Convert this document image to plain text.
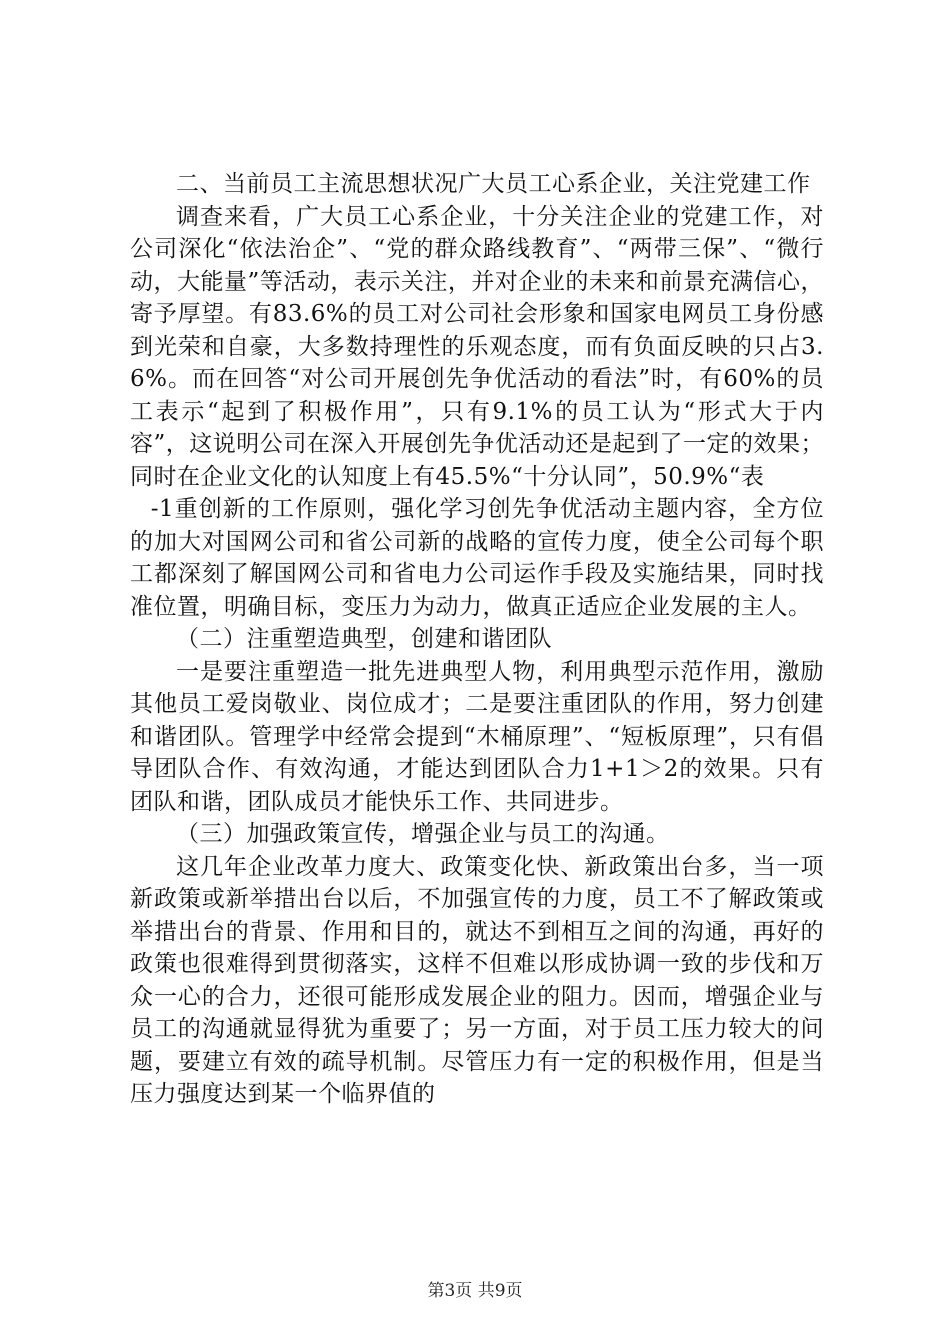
二、当前员工主流思想状况广大员工心系企业，关注党建工作

调查来看，广大员工心系企业，十分关注企业的党建工作，对公司深化“依法治企”、“党的群众路线教育”、“两带三保”、“微行动，大能量”等活动，表示关注，并对企业的未来和前景充满信心，寄予厚望。有83.6%的员工对公司社会形象和国家电网员工身份感到光荣和自豪，大多数持理性的乐观态度，而有负面反映的只占3.6%。而在回答“对公司开展创先争优活动的看法”时，有60%的员工表示“起到了积极作用”，只有9.1%的员工认为“形式大于内容”，这说明公司在深入开展创先争优活动还是起到了一定的效果；同时在企业文化的认知度上有45.5%“十分认同”，50.9%“表

-1重创新的工作原则，强化学习创先争优活动主题内容，全方位的加大对国网公司和省公司新的战略的宣传力度，使全公司每个职工都深刻了解国网公司和省电力公司运作手段及实施结果，同时找准位置，明确目标，变压力为动力，做真正适应企业发展的主人。

（二）注重塑造典型，创建和谐团队

一是要注重塑造一批先进典型人物，利用典型示范作用，激励其他员工爱岗敬业、岗位成才；二是要注重团队的作用，努力创建和谐团队。管理学中经常会提到“木桶原理”、“短板原理”，只有倡导团队合作、有效沟通，才能达到团队合力1+1＞2的效果。只有团队和谐，团队成员才能快乐工作、共同进步。

（三）加强政策宣传，增强企业与员工的沟通。

这几年企业改革力度大、政策变化快、新政策出台多，当一项新政策或新举措出台以后，不加强宣传的力度，员工不了解政策或举措出台的背景、作用和目的，就达不到相互之间的沟通，再好的政策也很难得到贯彻落实，这样不但难以形成协调一致的步伐和万众一心的合力，还很可能形成发展企业的阻力。因而，增强企业与员工的沟通就显得犹为重要了；另一方面，对于员工压力较大的问题，要建立有效的疏导机制。尽管压力有一定的积极作用，但是当压力强度达到某一个临界值的

第3页 共9页
